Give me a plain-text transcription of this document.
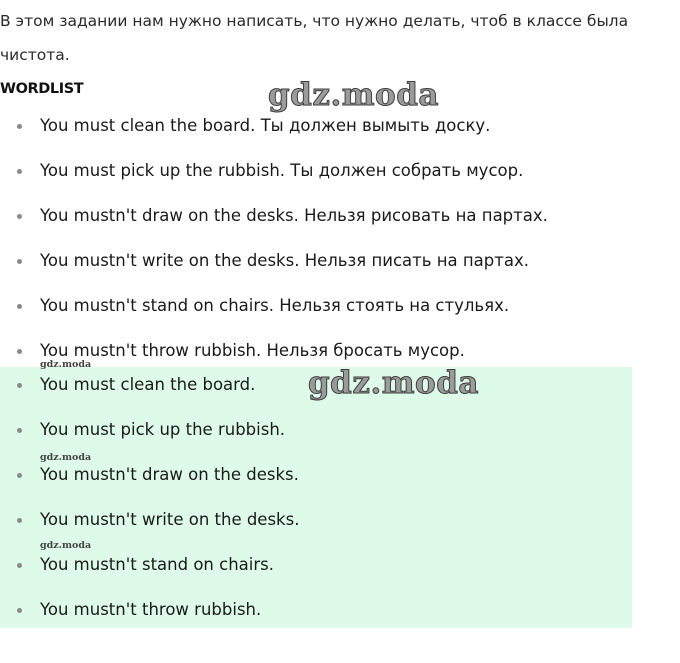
В этом задании нам нужно написать, что нужно делать, чтоб в классе была чистота.
WORDLIST	gdz.moda
You must clean the board. Ты должен вымыть доску.
You must pick up the rubbish. Ты должен собрать мусор.
You mustn't draw on the desks. Нельзя рисовать на партах.
You mustn't write on the desks. Нельзя писать на партах.
You mustn't stand on chairs. Нельзя стоять на стульях.
You mustn't throw rubbish. Нельзя бросать мусор.
You must clean the board.
You must pick up the rubbish.
You mustn't draw on the desks.
You mustn't write on the desks.
You mustn't stand on chairs.
You mustn't throw rubbish.
gdz.moda
gdz.moda
gdz.moda
gdz.moda
